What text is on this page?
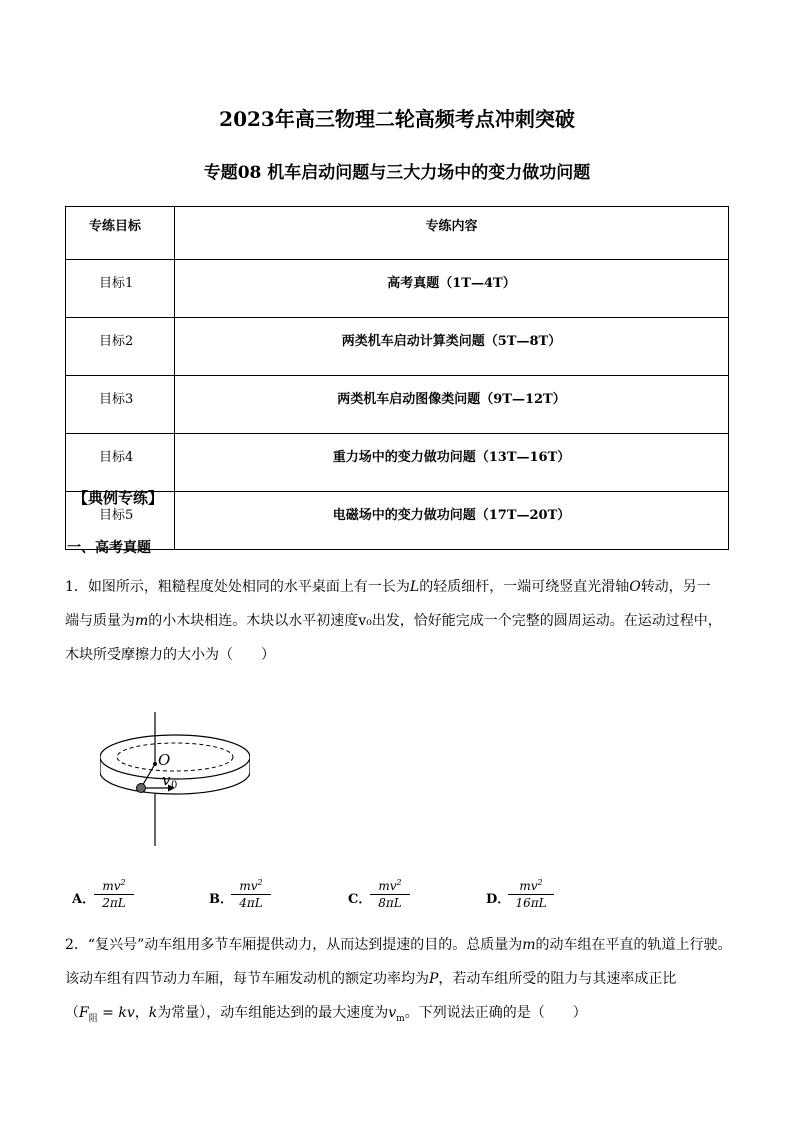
2023年高三物理二轮高频考点冲刺突破
专题08 机车启动问题与三大力场中的变力做功问题
专练目标	专练内容
目标1	高考真题（1T—4T）
目标2	两类机车启动计算类问题（5T—8T）
目标3	两类机车启动图像类问题（9T—12T）
目标4	重力场中的变力做功问题（13T—16T）
目标5	电磁场中的变力做功问题（17T—20T）
【典例专练】
一、高考真题
1．如图所示，粗糙程度处处相同的水平桌面上有一长为L的轻质细杆，一端可绕竖直光滑轴O转动，另一
端与质量为m的小木块相连。木块以水平初速度v₀出发，恰好能完成一个完整的圆周运动。在运动过程中，
木块所受摩擦力的大小为（　　）
O
v 0
A．
$\frac{mv^2}{2\pi L}$	B．
$\frac{mv^2}{4\pi L}$	C．
$\frac{mv^2}{8\pi L}$	D．
$\frac{mv^2}{16\pi L}$
2．“复兴号”动车组用多节车厢提供动力，从而达到提速的目的。总质量为m的动车组在平直的轨道上行驶。
该动车组有四节动力车厢，每节车厢发动机的额定功率均为P，若动车组所受的阻力与其速率成正比
（$F_阻$ = kv，k为常量），动车组能达到的最大速度为$v_m$。下列说法正确的是（　　）
